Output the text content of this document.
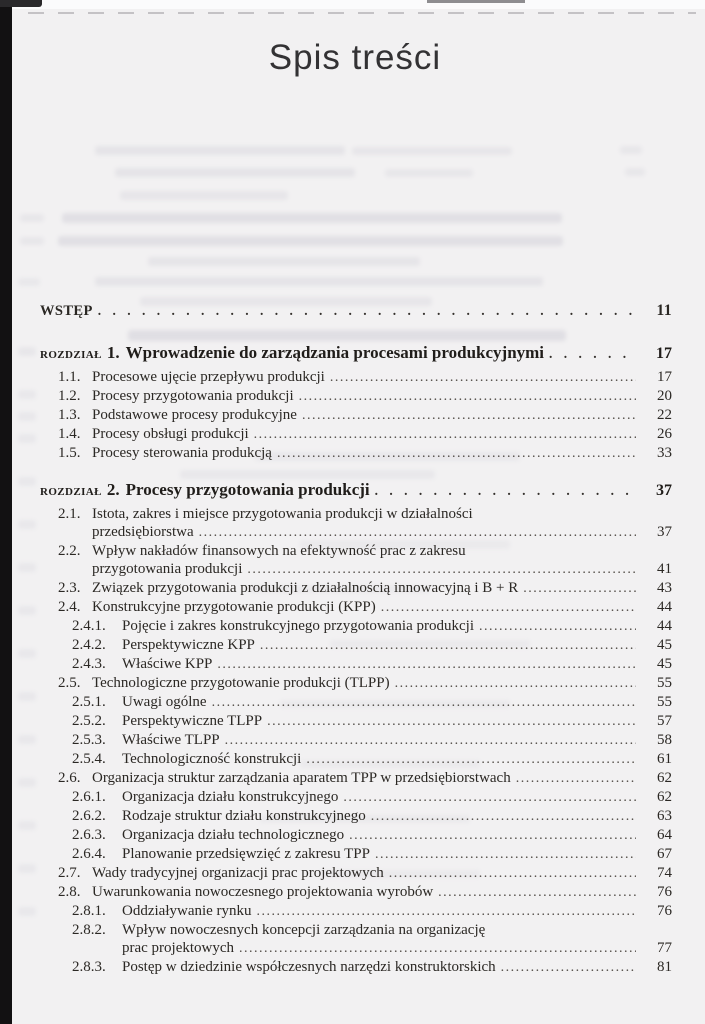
Spis treści
WSTĘP . . .	11
ROZDZIAŁ 1. Wprowadzenie do zarządzania procesami produkcyjnymi . . .	17
1.1. Procesowe ujęcie przepływu produkcji .....	17
1.2. Procesy przygotowania produkcji .....	20
1.3. Podstawowe procesy produkcyjne .....	22
1.4. Procesy obsługi produkcji .....	26
1.5. Procesy sterowania produkcją .....	33
ROZDZIAŁ 2. Procesy przygotowania produkcji . . .	37
2.1. Istota, zakres i miejsce przygotowania produkcji w działalności
przedsiębiorstwa .....	37
2.2. Wpływ nakładów finansowych na efektywność prac z zakresu
przygotowania produkcji .....	41
2.3. Związek przygotowania produkcji z działalnością innowacyjną i B + R .....	43
2.4. Konstrukcyjne przygotowanie produkcji (KPP) .....	44
2.4.1.	Pojęcie i zakres konstrukcyjnego przygotowania produkcji .....	44
2.4.2.	Perspektywiczne KPP .....	45
2.4.3.	Właściwe KPP .....	45
2.5. Technologiczne przygotowanie produkcji (TLPP) .....	55
2.5.1.	Uwagi ogólne .....	55
2.5.2.	Perspektywiczne TLPP .....	57
2.5.3.	Właściwe TLPP .....	58
2.5.4.	Technologiczność konstrukcji .....	61
2.6. Organizacja struktur zarządzania aparatem TPP w przedsiębiorstwach .....	62
2.6.1.	Organizacja działu konstrukcyjnego .....	62
2.6.2.	Rodzaje struktur działu konstrukcyjnego .....	63
2.6.3.	Organizacja działu technologicznego .....	64
2.6.4.	Planowanie przedsięwzięć z zakresu TPP .....	67
2.7. Wady tradycyjnej organizacji prac projektowych .....	74
2.8. Uwarunkowania nowoczesnego projektowania wyrobów .....	76
2.8.1.	Oddziaływanie rynku .....	76
2.8.2.	Wpływ nowoczesnych koncepcji zarządzania na organizację
prac projektowych .....	77
2.8.3.	Postęp w dziedzinie współczesnych narzędzi konstruktorskich .....	81
